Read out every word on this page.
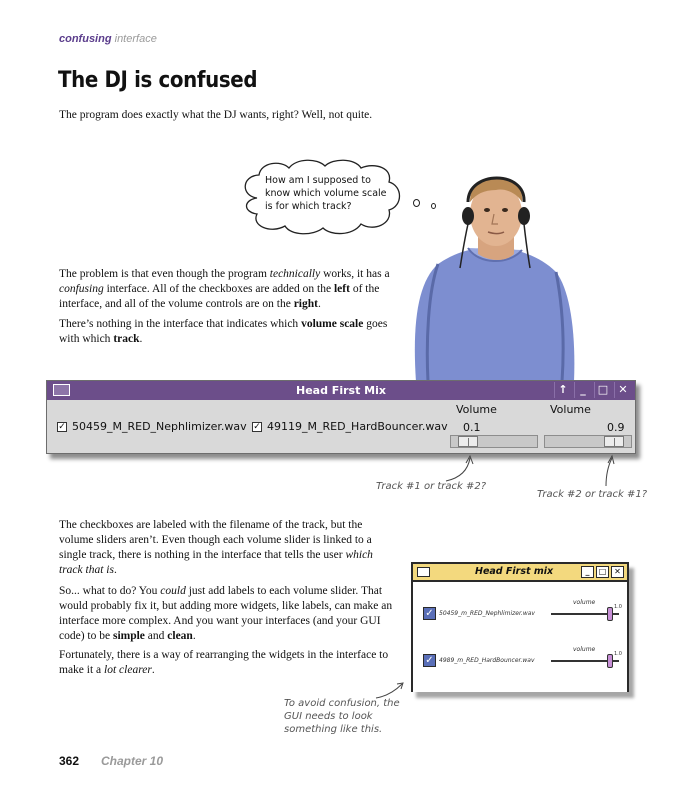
confusing interface
The DJ is confused
The program does exactly what the DJ wants, right? Well, not quite.
How am I supposed to know which volume scale is for which track?
The problem is that even though the program technically works, it has a confusing interface. All of the checkboxes are added on the left of the interface, and all of the volume controls are on the right.
There’s nothing in the interface that indicates which volume scale goes with which track.
Head First Mix	↑	_	□ ✕
✓ 50459_M_RED_Nephlimizer.wav ✓ 49119_M_RED_HardBouncer.wav
Volume	Volume
0.1	0.9
Track #1 or track #2?
Track #2 or track #1?
The checkboxes are labeled with the filename of the track, but the volume sliders aren’t. Even though each volume slider is linked to a single track, there is nothing in the interface that tells the user which track that is.
So... what to do? You could just add labels to each volume slider. That would probably fix it, but adding more widgets, like labels, can make an interface more complex. And you want your interfaces (and your GUI code) to be simple and clean.
Fortunately, there is a way of rearranging the widgets in the interface to make it a lot clearer.
Head First mix	_	□ ✕
✓ 50459_m_RED_Nephlimizer.wav
volume
1.0
✓ 4989_m_RED_HardBouncer.wav
volume
1.0
To avoid confusion, the GUI needs to look something like this.
362 Chapter 10
